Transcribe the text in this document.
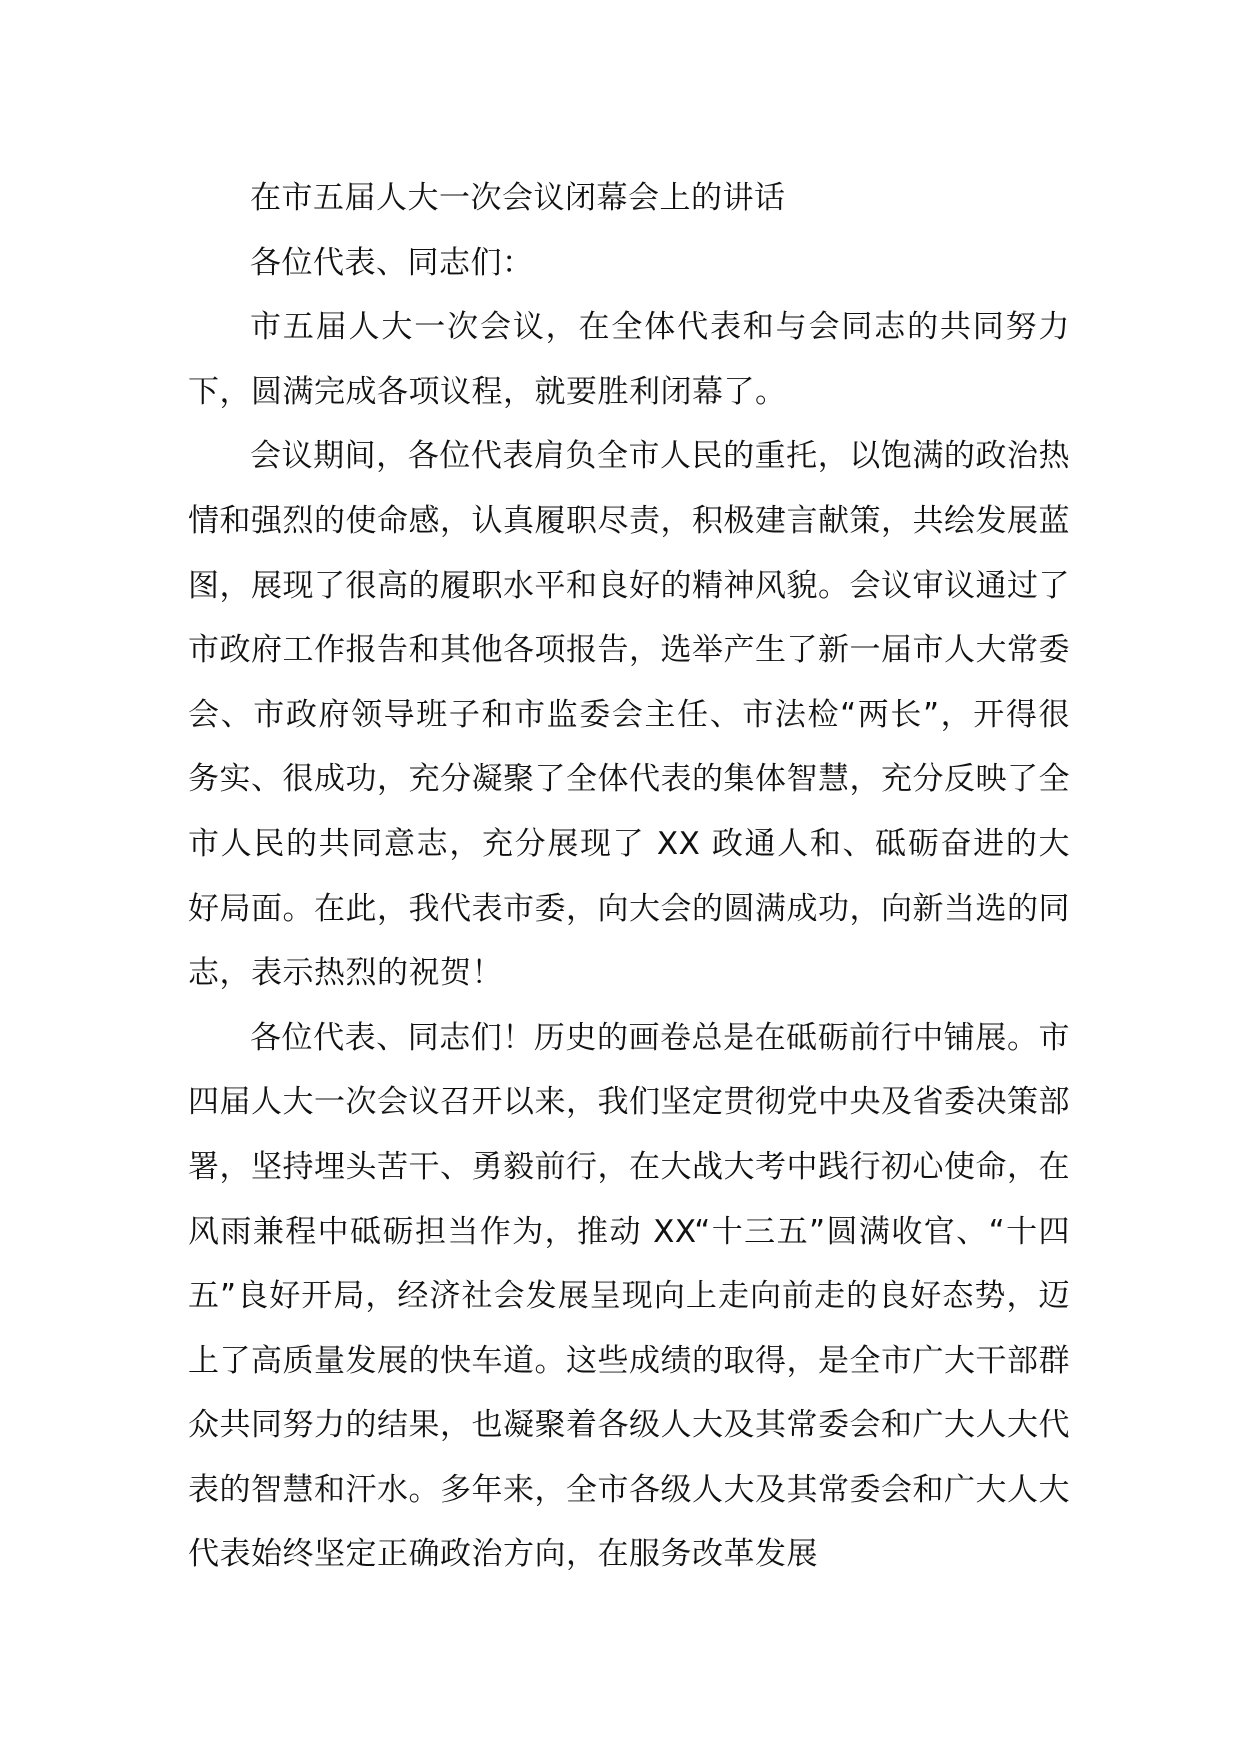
在市五届人大一次会议闭幕会上的讲话

各位代表、同志们：

市五届人大一次会议，在全体代表和与会同志的共同努力下，圆满完成各项议程，就要胜利闭幕了。

会议期间，各位代表肩负全市人民的重托，以饱满的政治热情和强烈的使命感，认真履职尽责，积极建言献策，共绘发展蓝图，展现了很高的履职水平和良好的精神风貌。会议审议通过了市政府工作报告和其他各项报告，选举产生了新一届市人大常委会、市政府领导班子和市监委会主任、市法检“两长”，开得很务实、很成功，充分凝聚了全体代表的集体智慧，充分反映了全市人民的共同意志，充分展现了 XX 政通人和、砥砺奋进的大好局面。在此，我代表市委，向大会的圆满成功，向新当选的同志，表示热烈的祝贺！

各位代表、同志们！历史的画卷总是在砥砺前行中铺展。市四届人大一次会议召开以来，我们坚定贯彻党中央及省委决策部署，坚持埋头苦干、勇毅前行，在大战大考中践行初心使命，在风雨兼程中砥砺担当作为，推动 XX“十三五”圆满收官、“十四五”良好开局，经济社会发展呈现向上走向前走的良好态势，迈上了高质量发展的快车道。这些成绩的取得，是全市广大干部群众共同努力的结果，也凝聚着各级人大及其常委会和广大人大代表的智慧和汗水。多年来，全市各级人大及其常委会和广大人大代表始终坚定正确政治方向，在服务改革发展
